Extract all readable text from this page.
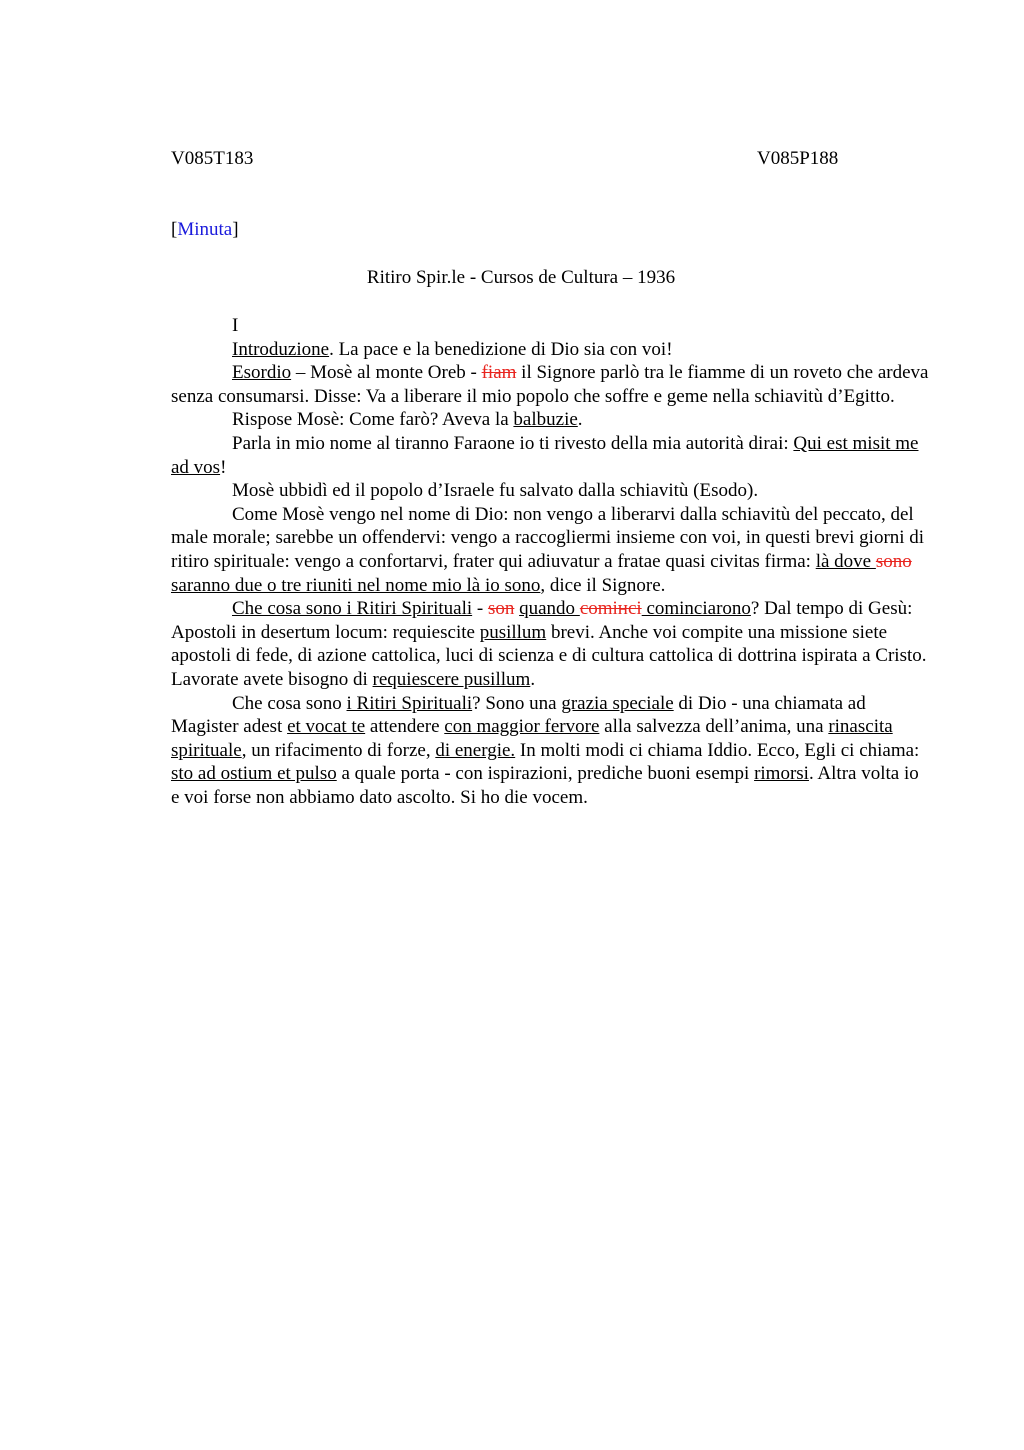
V085T183	V085P188
[Minuta]
Ritiro Spir.le - Cursos de Cultura – 1936

I

Introduzione. La pace e la benedizione di Dio sia con voi!

Esordio – Mosè al monte Oreb - fiam il Signore parlò tra le fiamme di un roveto che ardeva senza consumarsi. Disse: Va a liberare il mio popolo che soffre e geme nella schiavitù d’Egitto.

Rispose Mosè: Come farò? Aveva la balbuzie.

Parla in mio nome al tiranno Faraone io ti rivesto della mia autorità dirai: Qui est misit me ad vos!

Mosè ubbidì ed il popolo d’Israele fu salvato dalla schiavitù (Esodo).

Come Mosè vengo nel nome di Dio: non vengo a liberarvi dalla schiavitù del peccato, del male morale; sarebbe un offendervi: vengo a raccogliermi insieme con voi, in questi brevi giorni di ritiro spirituale: vengo a confortarvi, frater qui adiuvatur a fratae quasi civitas firma: là dove sono saranno due o tre riuniti nel nome mio là io sono, dice il Signore.

Che cosa sono i Ritiri Spirituali - son quando comінci cominciarono? Dal tempo di Gesù: Apostoli in desertum locum: requiescite pusillum brevi. Anche voi compite una missione siete apostoli di fede, di azione cattolica, luci di scienza e di cultura cattolica di dottrina ispirata a Cristo. Lavorate avete bisogno di requiescere pusillum.

Che cosa sono i Ritiri Spirituali? Sono una grazia speciale di Dio - una chiamata ad Magister adest et vocat te attendere con maggior fervore alla salvezza dell’anima, una rinascita spirituale, un rifacimento di forze, di energie. In molti modi ci chiama Iddio. Ecco, Egli ci chiama: sto ad ostium et pulso a quale porta - con ispirazioni, prediche buoni esempi rimorsi. Altra volta io e voi forse non abbiamo dato ascolto. Si ho die vocem.
